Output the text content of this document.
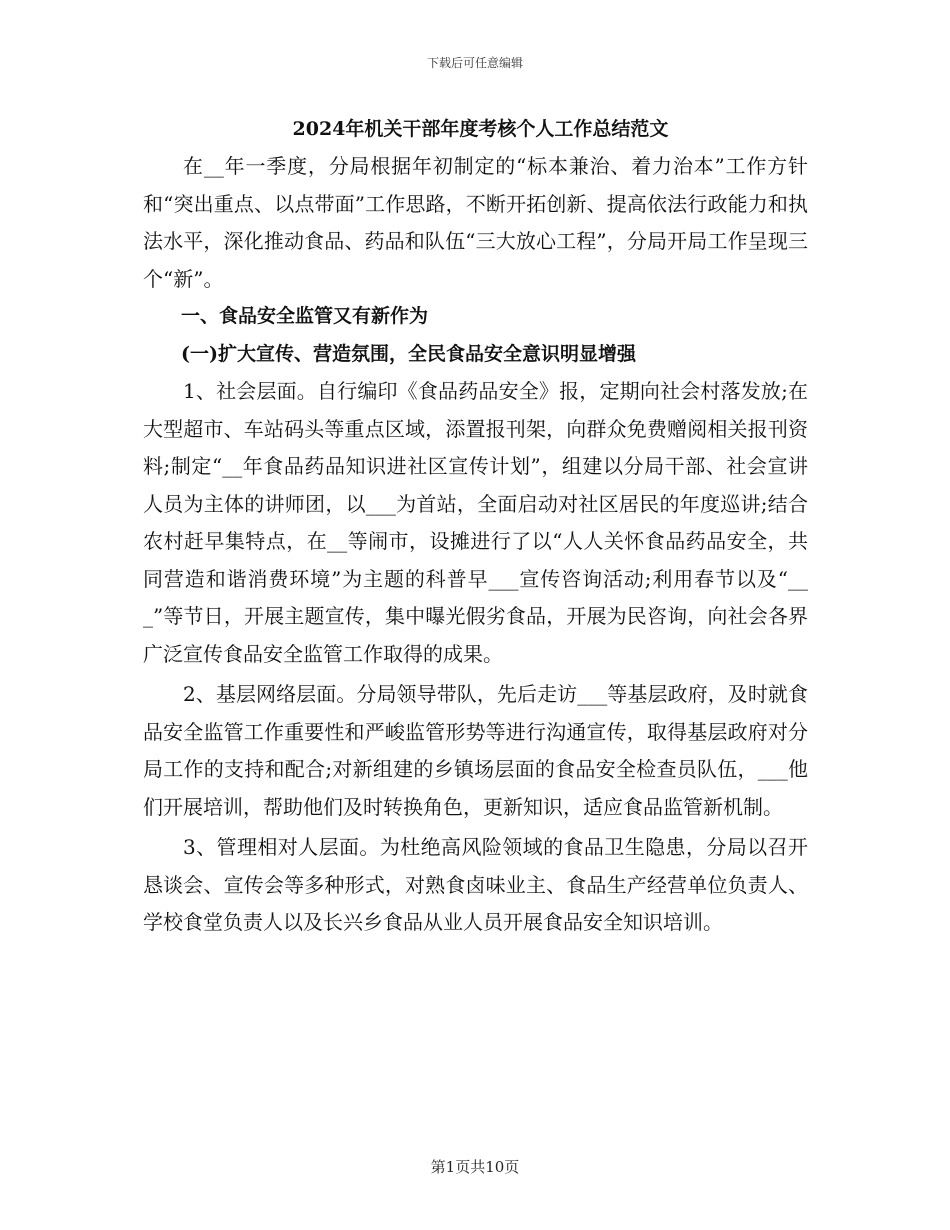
下载后可任意编辑
2024年机关干部年度考核个人工作总结范文

在__年一季度，分局根据年初制定的“标本兼治、着力治本”工作方针和“突出重点、以点带面”工作思路，不断开拓创新、提高依法行政能力和执法水平，深化推动食品、药品和队伍“三大放心工程”，分局开局工作呈现三个“新”。

一、食品安全监管又有新作为

(一)扩大宣传、营造氛围，全民食品安全意识明显增强

1、社会层面。自行编印《食品药品安全》报，定期向社会村落发放;在大型超市、车站码头等重点区域，添置报刊架，向群众免费赠阅相关报刊资料;制定“__年食品药品知识进社区宣传计划”，组建以分局干部、社会宣讲人员为主体的讲师团，以___为首站，全面启动对社区居民的年度巡讲;结合农村赶早集特点，在__等闹市，设摊进行了以“人人关怀食品药品安全，共同营造和谐消费环境”为主题的科普早___宣传咨询活动;利用春节以及“___”等节日，开展主题宣传，集中曝光假劣食品，开展为民咨询，向社会各界广泛宣传食品安全监管工作取得的成果。

2、基层网络层面。分局领导带队，先后走访___等基层政府，及时就食品安全监管工作重要性和严峻监管形势等进行沟通宣传，取得基层政府对分局工作的支持和配合;对新组建的乡镇场层面的食品安全检查员队伍，___他们开展培训，帮助他们及时转换角色，更新知识，适应食品监管新机制。

3、管理相对人层面。为杜绝高风险领域的食品卫生隐患，分局以召开恳谈会、宣传会等多种形式，对熟食卤味业主、食品生产经营单位负责人、学校食堂负责人以及长兴乡食品从业人员开展食品安全知识培训。

第1页共10页
